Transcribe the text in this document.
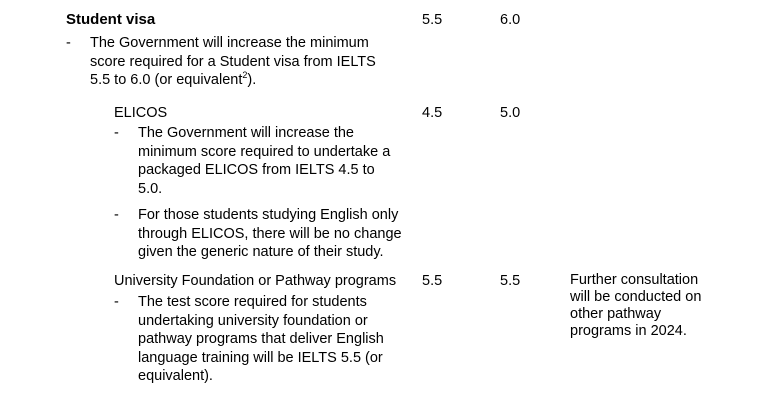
Student visa	5.5	6.0
- The Government will increase the minimum
score required for a Student visa from IELTS
5.5 to 6.0 (or equivalent$^2$).
ELICOS	4.5	5.0
- The Government will increase the
minimum score required to undertake a
packaged ELICOS from IELTS 4.5 to
5.0.
- For those students studying English only
through ELICOS, there will be no change
given the generic nature of their study.
University Foundation or Pathway programs 5.5	5.5	Further consultation
will be conducted on
other pathway
programs in 2024.
- The test score required for students
undertaking university foundation or
pathway programs that deliver English
language training will be IELTS 5.5 (or
equivalent).
